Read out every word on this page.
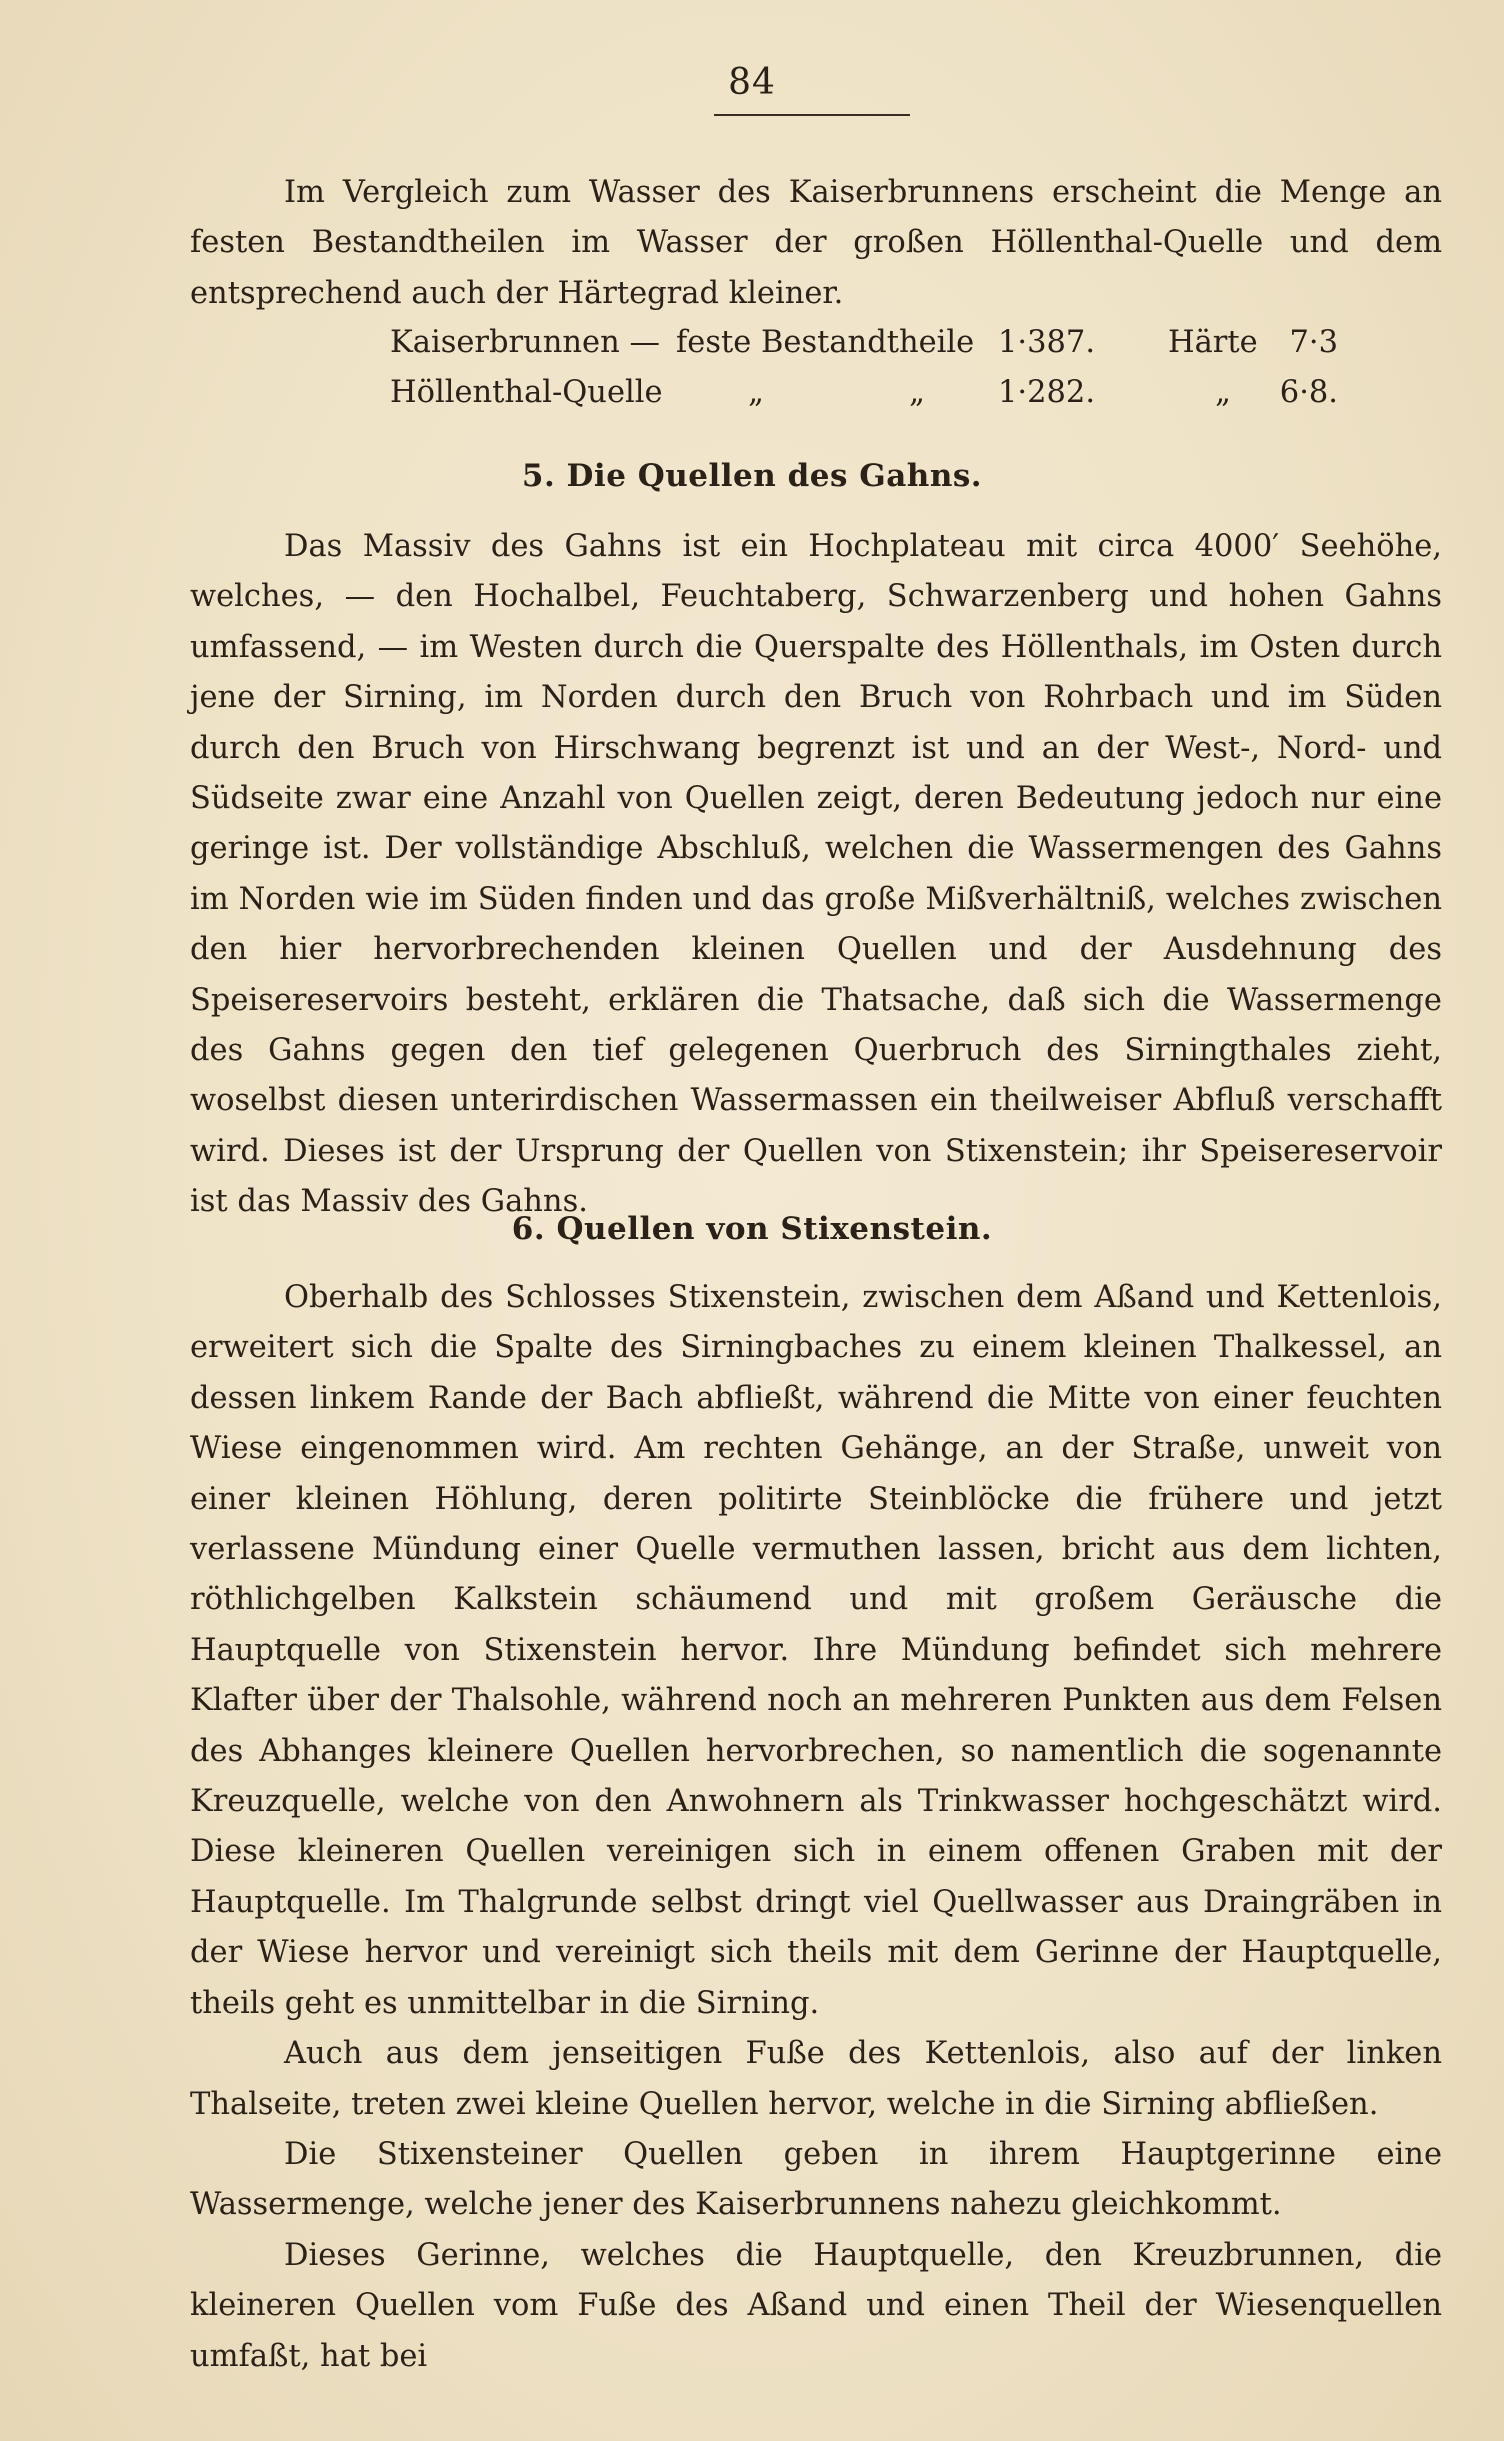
84

Im Vergleich zum Wasser des Kaiserbrunnens erscheint die Menge an festen Bestandtheilen im Wasser der großen Höllenthal-Quelle und dem entsprechend auch der Härtegrad kleiner.

Kaiserbrunnen — feste Bestandtheile 1·387.	Härte	7·3
Höllenthal-Quelle	„	„	1·282.	„	6·8.
5. Die Quellen des Gahns.

Das Massiv des Gahns ist ein Hochplateau mit circa 4000′ Seehöhe, welches, — den Hochalbel, Feuchtaberg, Schwarzenberg und hohen Gahns umfassend, — im Westen durch die Querspalte des Höllenthals, im Osten durch jene der Sirning, im Norden durch den Bruch von Rohrbach und im Süden durch den Bruch von Hirschwang begrenzt ist und an der West-, Nord- und Südseite zwar eine Anzahl von Quellen zeigt, deren Bedeutung jedoch nur eine geringe ist. Der vollständige Abschluß, welchen die Wassermengen des Gahns im Norden wie im Süden finden und das große Mißverhältniß, welches zwischen den hier hervorbrechenden kleinen Quellen und der Ausdehnung des Speisereservoirs besteht, erklären die Thatsache, daß sich die Wassermenge des Gahns gegen den tief gelegenen Querbruch des Sirningthales zieht, woselbst diesen unterirdischen Wassermassen ein theilweiser Abfluß verschafft wird. Dieses ist der Ursprung der Quellen von Stixenstein; ihr Speisereservoir ist das Massiv des Gahns.

6. Quellen von Stixenstein.

Oberhalb des Schlosses Stixenstein, zwischen dem Aßand und Kettenlois, erweitert sich die Spalte des Sirningbaches zu einem kleinen Thalkessel, an dessen linkem Rande der Bach abfließt, während die Mitte von einer feuchten Wiese eingenommen wird. Am rechten Gehänge, an der Straße, unweit von einer kleinen Höhlung, deren politirte Steinblöcke die frühere und jetzt verlassene Mündung einer Quelle vermuthen lassen, bricht aus dem lichten, röthlichgelben Kalkstein schäumend und mit großem Geräusche die Hauptquelle von Stixenstein hervor. Ihre Mündung befindet sich mehrere Klafter über der Thalsohle, während noch an mehreren Punkten aus dem Felsen des Abhanges kleinere Quellen hervorbrechen, so namentlich die sogenannte Kreuzquelle, welche von den Anwohnern als Trinkwasser hochgeschätzt wird. Diese kleineren Quellen vereinigen sich in einem offenen Graben mit der Hauptquelle. Im Thalgrunde selbst dringt viel Quellwasser aus Draingräben in der Wiese hervor und vereinigt sich theils mit dem Gerinne der Hauptquelle, theils geht es unmittelbar in die Sirning.

Auch aus dem jenseitigen Fuße des Kettenlois, also auf der linken Thalseite, treten zwei kleine Quellen hervor, welche in die Sirning abfließen.

Die Stixensteiner Quellen geben in ihrem Hauptgerinne eine Wassermenge, welche jener des Kaiserbrunnens nahezu gleichkommt.

Dieses Gerinne, welches die Hauptquelle, den Kreuzbrunnen, die kleineren Quellen vom Fuße des Aßand und einen Theil der Wiesenquellen umfaßt, hat bei
